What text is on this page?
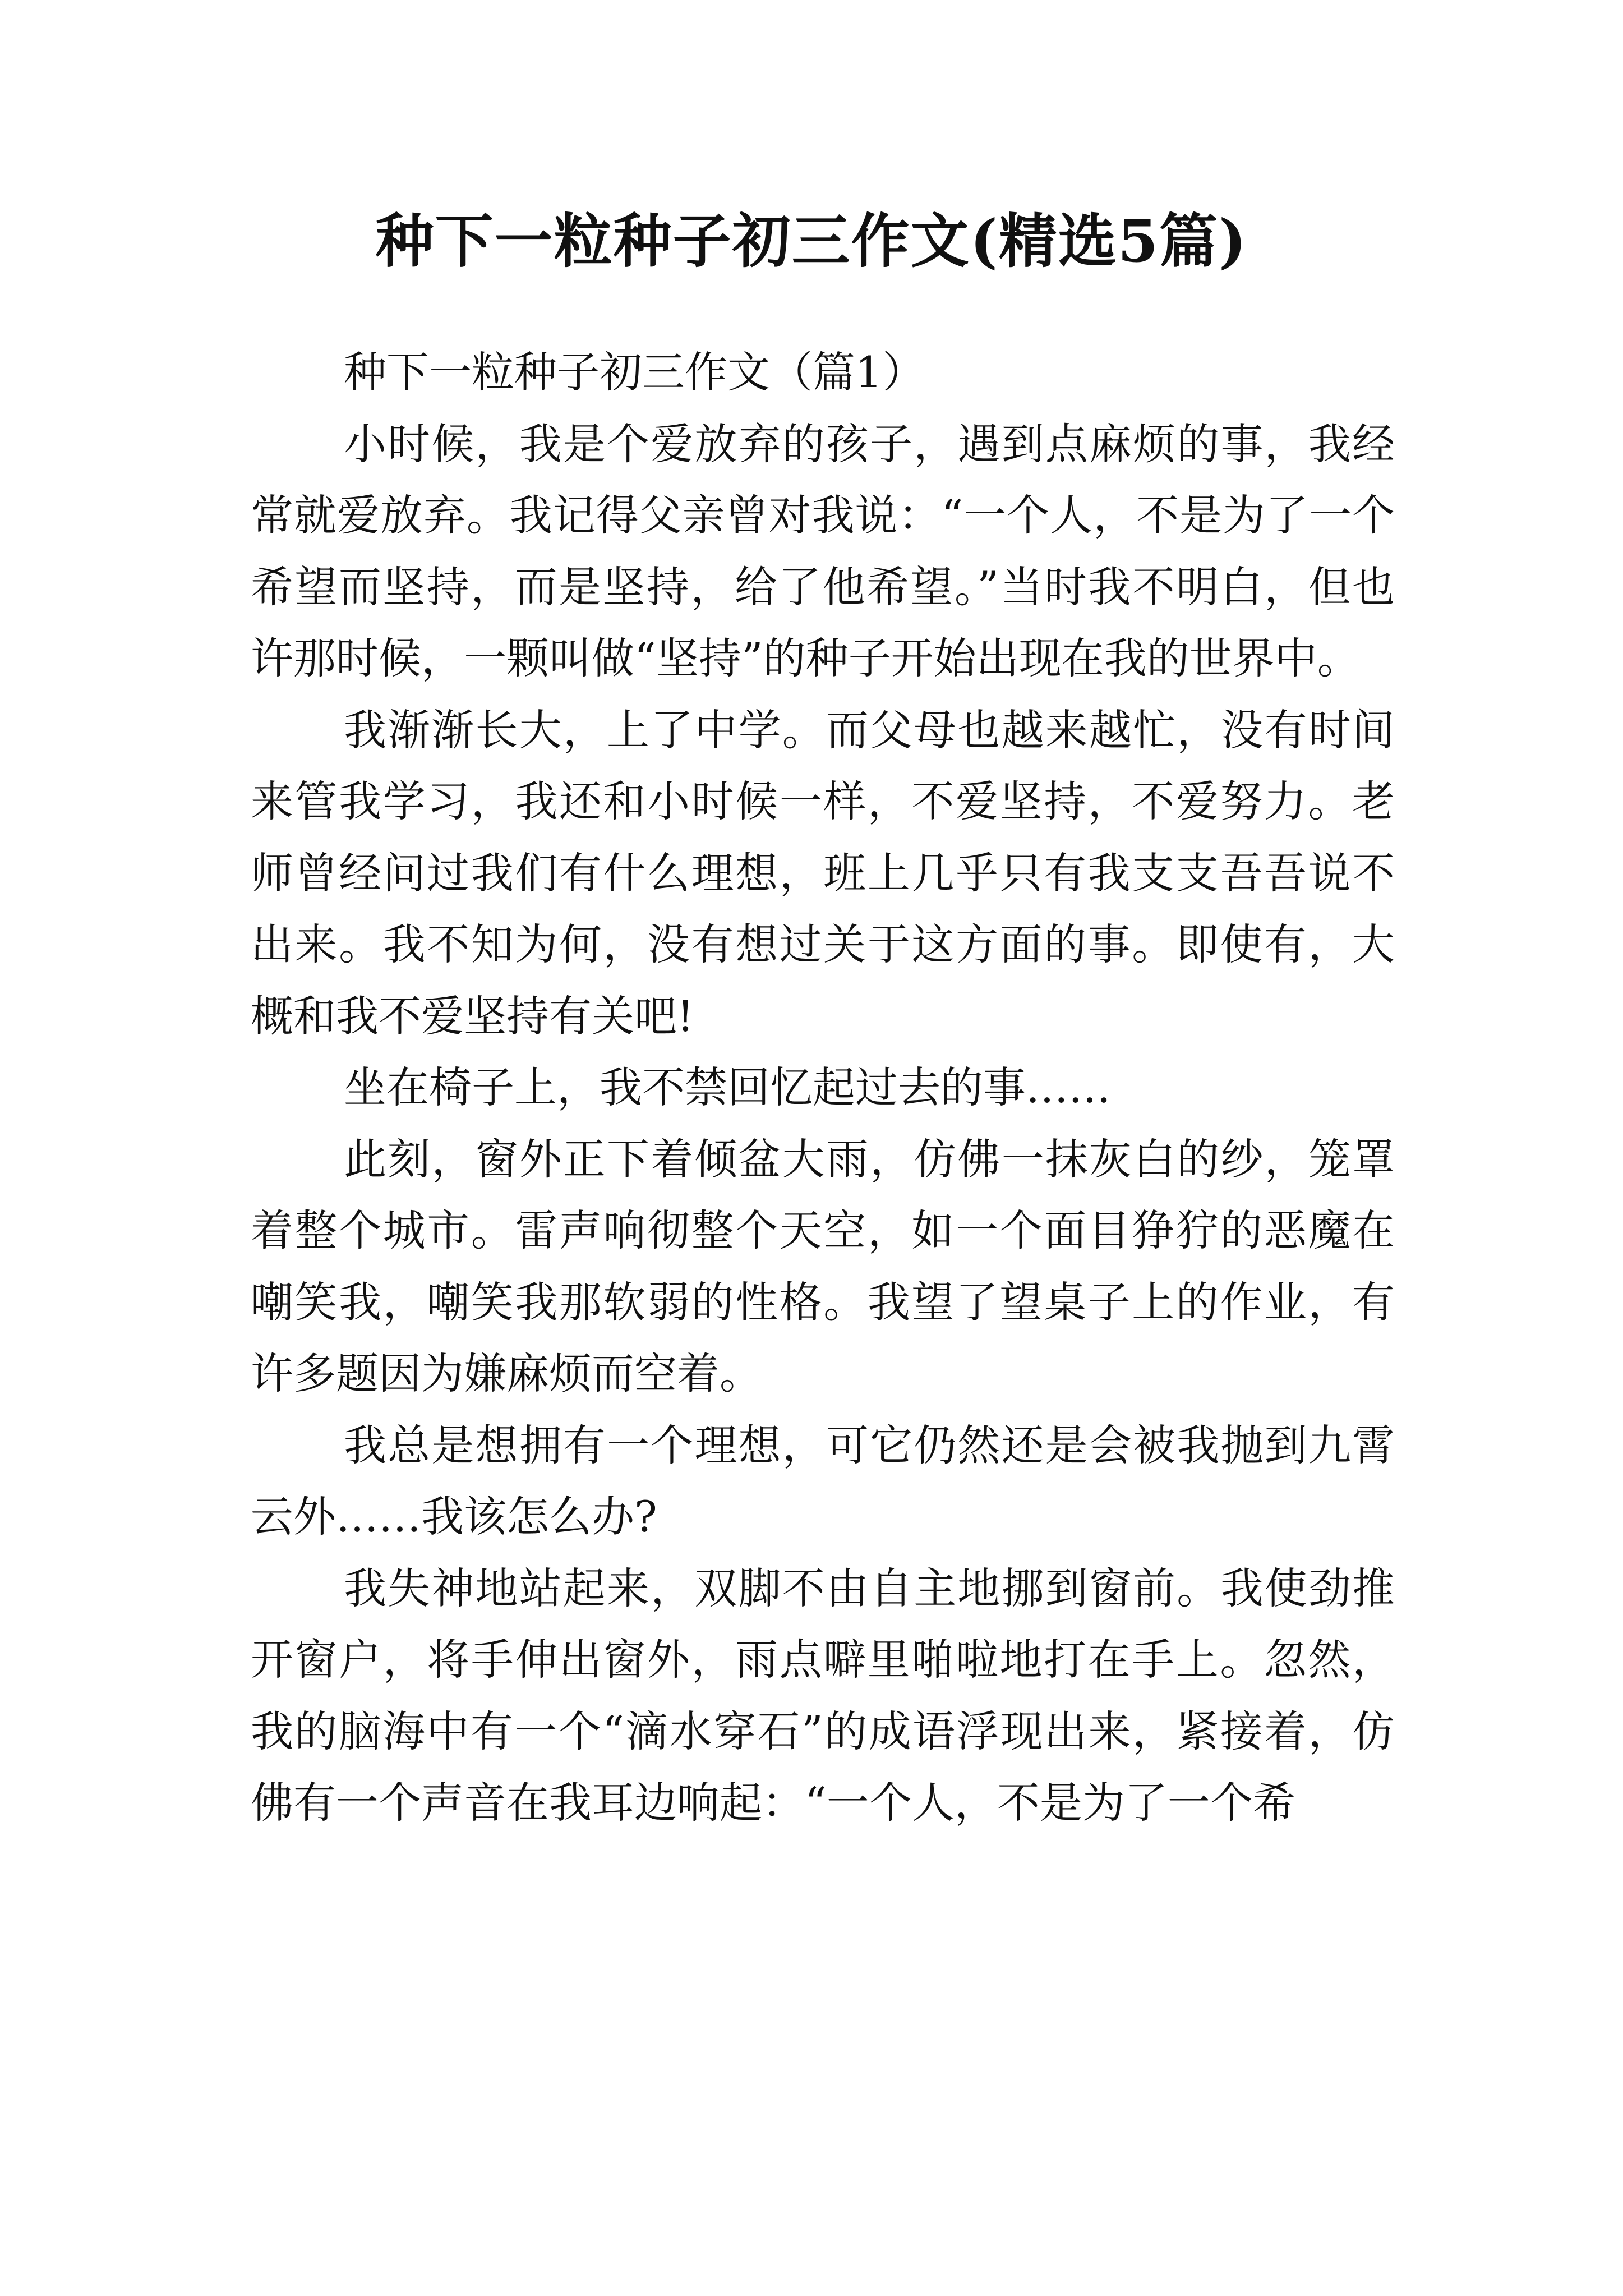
种下一粒种子初三作文(精选5篇)

种下一粒种子初三作文（篇1）

小时候，我是个爱放弃的孩子，遇到点麻烦的事，我经常就爱放弃。我记得父亲曾对我说：“一个人，不是为了一个希望而坚持，而是坚持，给了他希望。”当时我不明白，但也许那时候，一颗叫做“坚持”的种子开始出现在我的世界中。

我渐渐长大，上了中学。而父母也越来越忙，没有时间来管我学习，我还和小时候一样，不爱坚持，不爱努力。老师曾经问过我们有什么理想，班上几乎只有我支支吾吾说不出来。我不知为何，没有想过关于这方面的事。即使有，大概和我不爱坚持有关吧!

坐在椅子上，我不禁回忆起过去的事……

此刻，窗外正下着倾盆大雨，仿佛一抹灰白的纱，笼罩着整个城市。雷声响彻整个天空，如一个面目狰狞的恶魔在嘲笑我，嘲笑我那软弱的性格。我望了望桌子上的作业，有许多题因为嫌麻烦而空着。

我总是想拥有一个理想，可它仍然还是会被我抛到九霄云外……我该怎么办?

我失神地站起来，双脚不由自主地挪到窗前。我使劲推开窗户，将手伸出窗外，雨点噼里啪啦地打在手上。忽然，我的脑海中有一个“滴水穿石”的成语浮现出来，紧接着，仿佛有一个声音在我耳边响起：“一个人，不是为了一个希
